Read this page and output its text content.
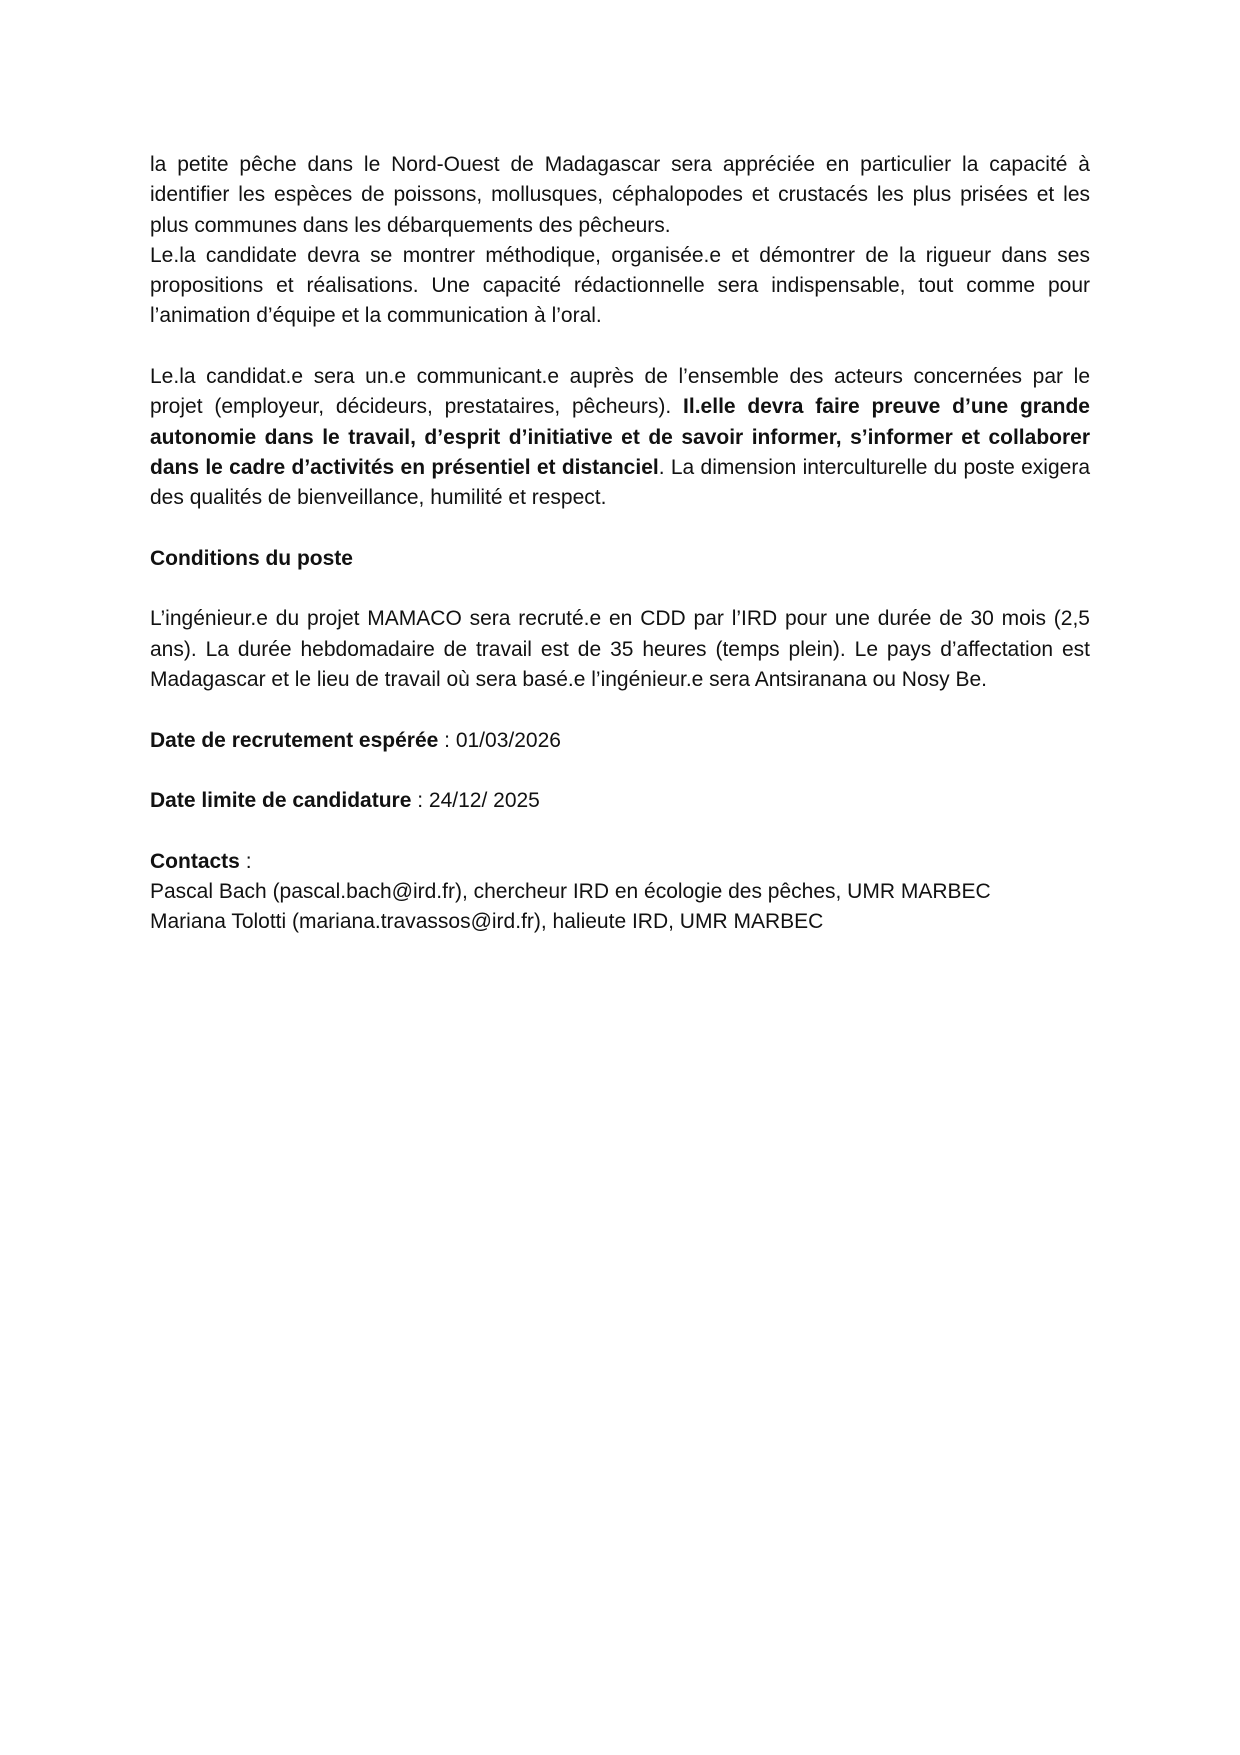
la petite pêche dans le Nord-Ouest de Madagascar sera appréciée en particulier la capacité à identifier les espèces de poissons, mollusques, céphalopodes et crustacés les plus prisées et les plus communes dans les débarquements des pêcheurs.

Le.la candidate devra se montrer méthodique, organisée.e et démontrer de la rigueur dans ses propositions et réalisations. Une capacité rédactionnelle sera indispensable, tout comme pour l’animation d’équipe et la communication à l’oral.

Le.la candidat.e sera un.e communicant.e auprès de l’ensemble des acteurs concernées par le projet (employeur, décideurs, prestataires, pêcheurs). Il.elle devra faire preuve d’une grande autonomie dans le travail, d’esprit d’initiative et de savoir informer, s’informer et collaborer dans le cadre d’activités en présentiel et distanciel. La dimension interculturelle du poste exigera des qualités de bienveillance, humilité et respect.

Conditions du poste

L’ingénieur.e du projet MAMACO sera recruté.e en CDD par l’IRD pour une durée de 30 mois (2,5 ans). La durée hebdomadaire de travail est de 35 heures (temps plein). Le pays d’affectation est Madagascar et le lieu de travail où sera basé.e l’ingénieur.e sera Antsiranana ou Nosy Be.

Date de recrutement espérée : 01/03/2026

Date limite de candidature : 24/12/ 2025

Contacts :

Pascal Bach (pascal.bach@ird.fr), chercheur IRD en écologie des pêches, UMR MARBEC

Mariana Tolotti (mariana.travassos@ird.fr), halieute IRD, UMR MARBEC
